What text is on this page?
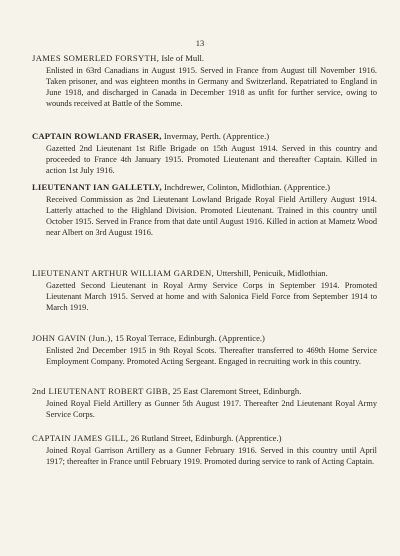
13

JAMES SOMERLED FORSYTH, Isle of Mull.

Enlisted in 63rd Canadians in August 1915. Served in France from August till November 1916. Taken prisoner, and was eighteen months in Germany and Switzerland. Repatriated to England in June 1918, and discharged in Canada in December 1918 as unfit for further service, owing to wounds received at Battle of the Somme.

CAPTAIN ROWLAND FRASER, Invermay, Perth. (Apprentice.)

Gazetted 2nd Lieutenant 1st Rifle Brigade on 15th August 1914. Served in this country and proceeded to France 4th January 1915. Promoted Lieutenant and thereafter Captain. Killed in action 1st July 1916.

LIEUTENANT IAN GALLETLY, Inchdrewer, Colinton, Midlothian. (Apprentice.)

Received Commission as 2nd Lieutenant Lowland Brigade Royal Field Artillery August 1914. Latterly attached to the Highland Division. Promoted Lieutenant. Trained in this country until October 1915. Served in France from that date until August 1916. Killed in action at Mametz Wood near Albert on 3rd August 1916.

LIEUTENANT ARTHUR WILLIAM GARDEN, Uttershill, Penicuik, Midlothian.

Gazetted Second Lieutenant in Royal Army Service Corps in September 1914. Promoted Lieutenant March 1915. Served at home and with Salonica Field Force from September 1914 to March 1919.

JOHN GAVIN (Jun.), 15 Royal Terrace, Edinburgh. (Apprentice.)

Enlisted 2nd December 1915 in 9th Royal Scots. Thereafter transferred to 469th Home Service Employment Company. Promoted Acting Sergeant. Engaged in recruiting work in this country.

2nd LIEUTENANT ROBERT GIBB, 25 East Claremont Street, Edinburgh.

Joined Royal Field Artillery as Gunner 5th August 1917. Thereafter 2nd Lieutenant Royal Army Service Corps.

CAPTAIN JAMES GILL, 26 Rutland Street, Edinburgh. (Apprentice.)

Joined Royal Garrison Artillery as a Gunner February 1916. Served in this country until April 1917; thereafter in France until February 1919. Promoted during service to rank of Acting Captain.
